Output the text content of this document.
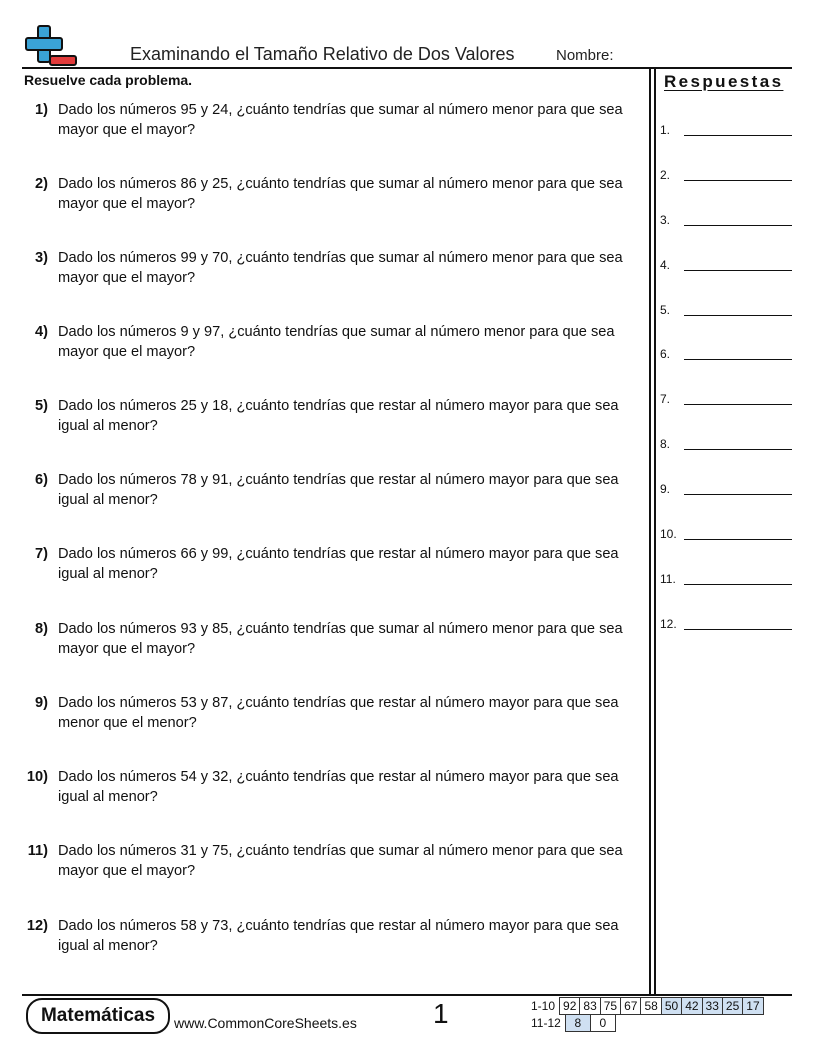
Examinando el Tamaño Relativo de Dos Valores	Nombre:
Resuelve cada problema.	Respuestas
1) Dado los números 95 y 24, ¿cuánto tendrías que sumar al número menor para que sea mayor que el mayor?
2) Dado los números 86 y 25, ¿cuánto tendrías que sumar al número menor para que sea mayor que el mayor?
3) Dado los números 99 y 70, ¿cuánto tendrías que sumar al número menor para que sea mayor que el mayor?
4) Dado los números 9 y 97, ¿cuánto tendrías que sumar al número menor para que sea mayor que el mayor?
5) Dado los números 25 y 18, ¿cuánto tendrías que restar al número mayor para que sea igual al menor?
6) Dado los números 78 y 91, ¿cuánto tendrías que restar al número mayor para que sea igual al menor?
7) Dado los números 66 y 99, ¿cuánto tendrías que restar al número mayor para que sea igual al menor?
8) Dado los números 93 y 85, ¿cuánto tendrías que sumar al número menor para que sea mayor que el mayor?
9) Dado los números 53 y 87, ¿cuánto tendrías que restar al número mayor para que sea menor que el menor?
10) Dado los números 54 y 32, ¿cuánto tendrías que restar al número mayor para que sea igual al menor?
11) Dado los números 31 y 75, ¿cuánto tendrías que sumar al número menor para que sea mayor que el mayor?
12) Dado los números 58 y 73, ¿cuánto tendrías que restar al número mayor para que sea igual al menor?
1.
2.
3.
4.
5.
6.
7.
8.
9.
10.
11.
12.
Matemáticas	www.CommonCoreSheets.es	1	1-10	92	83	75	67	58	50	42	33	25	17
11-12	8	0
